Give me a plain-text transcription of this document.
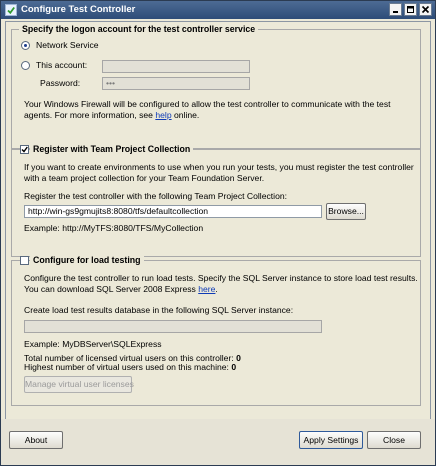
Configure Test Controller
Specify the logon account for the test controller service
Network Service
This account:
Password:	•••
Your Windows Firewall will be configured to allow the test controller to communicate with the test agents. For more information, see help online.
Register with Team Project Collection
If you want to create environments to use when you run your tests, you must register the test controller with a team project collection for your Team Foundation Server.
Register the test controller with the following Team Project Collection:
http://win-gs9gmujits8:8080/tfs/defaultcollection	Browse...
Example: http://MyTFS:8080/TFS/MyCollection
Configure for load testing
Configure the test controller to run load tests. Specify the SQL Server instance to store load test results. You can download SQL Server 2008 Express here.
Create load test results database in the following SQL Server instance:
Example: MyDBServer\SQLExpress
Total number of licensed virtual users on this controller: 0
Highest number of virtual users used on this machine: 0
Manage virtual user licenses
About	Apply Settings	Close
